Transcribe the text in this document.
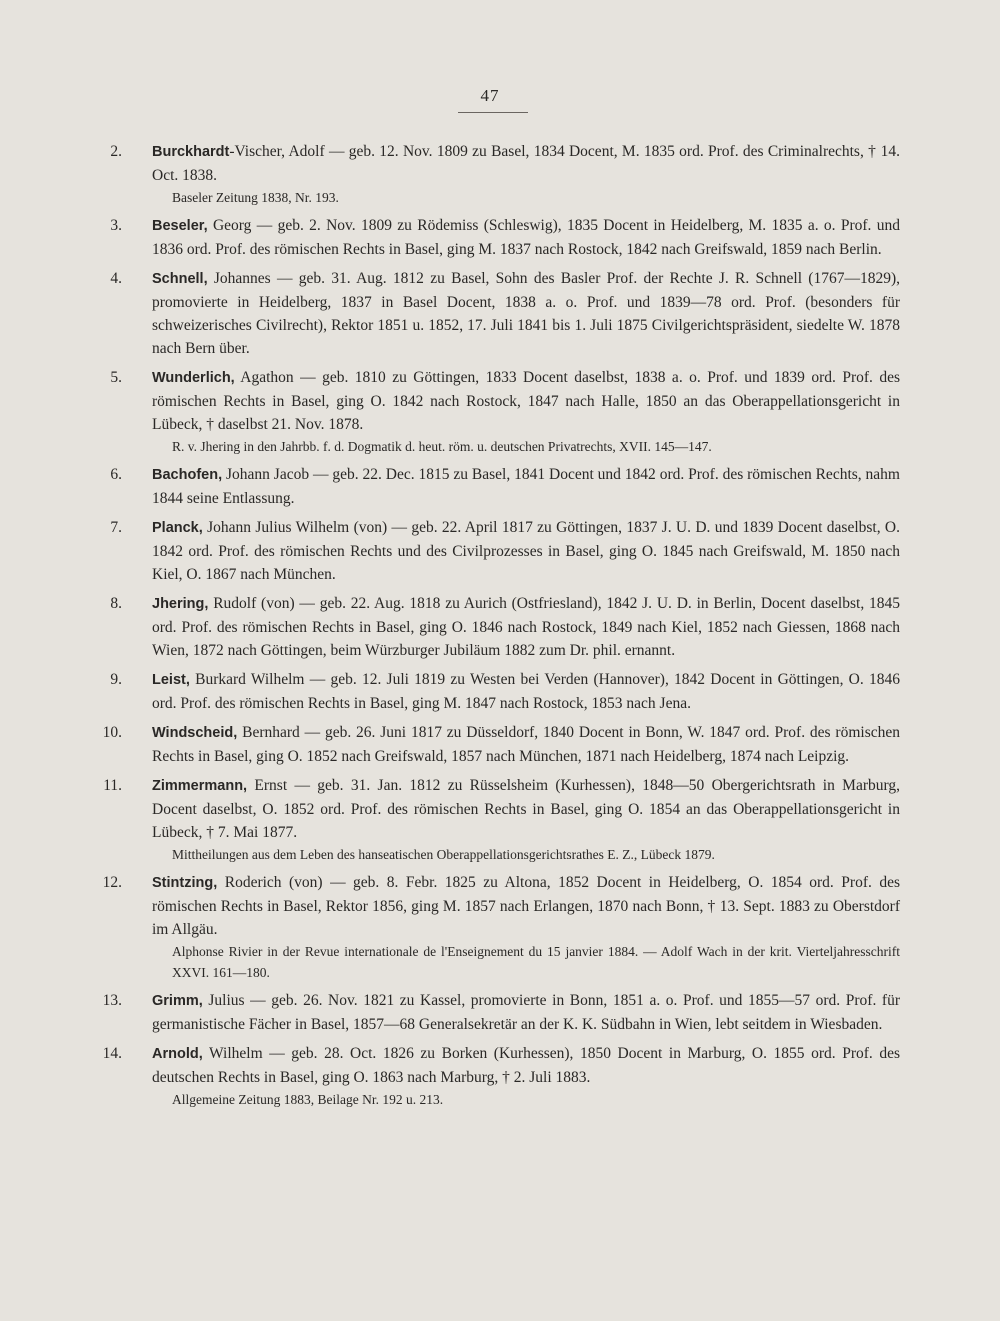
47
2. Burckhardt-Vischer, Adolf — geb. 12. Nov. 1809 zu Basel, 1834 Docent, M. 1835 ord. Prof. des Criminalrechts, † 14. Oct. 1838.
Baseler Zeitung 1838, Nr. 193.
3. Beseler, Georg — geb. 2. Nov. 1809 zu Rödemiss (Schleswig), 1835 Docent in Heidelberg, M. 1835 a. o. Prof. und 1836 ord. Prof. des römischen Rechts in Basel, ging M. 1837 nach Rostock, 1842 nach Greifswald, 1859 nach Berlin.
4. Schnell, Johannes — geb. 31. Aug. 1812 zu Basel, Sohn des Basler Prof. der Rechte J. R. Schnell (1767—1829), promovierte in Heidelberg, 1837 in Basel Docent, 1838 a. o. Prof. und 1839—78 ord. Prof. (besonders für schweizerisches Civilrecht), Rektor 1851 u. 1852, 17. Juli 1841 bis 1. Juli 1875 Civilgerichtspräsident, siedelte W. 1878 nach Bern über.
5. Wunderlich, Agathon — geb. 1810 zu Göttingen, 1833 Docent daselbst, 1838 a. o. Prof. und 1839 ord. Prof. des römischen Rechts in Basel, ging O. 1842 nach Rostock, 1847 nach Halle, 1850 an das Oberappellationsgericht in Lübeck, † daselbst 21. Nov. 1878.
R. v. Jhering in den Jahrbb. f. d. Dogmatik d. heut. röm. u. deutschen Privatrechts, XVII. 145—147.
6. Bachofen, Johann Jacob — geb. 22. Dec. 1815 zu Basel, 1841 Docent und 1842 ord. Prof. des römischen Rechts, nahm 1844 seine Entlassung.
7. Planck, Johann Julius Wilhelm (von) — geb. 22. April 1817 zu Göttingen, 1837 J. U. D. und 1839 Docent daselbst, O. 1842 ord. Prof. des römischen Rechts und des Civilprozesses in Basel, ging O. 1845 nach Greifswald, M. 1850 nach Kiel, O. 1867 nach München.
8. Jhering, Rudolf (von) — geb. 22. Aug. 1818 zu Aurich (Ostfriesland), 1842 J. U. D. in Berlin, Docent daselbst, 1845 ord. Prof. des römischen Rechts in Basel, ging O. 1846 nach Rostock, 1849 nach Kiel, 1852 nach Giessen, 1868 nach Wien, 1872 nach Göttingen, beim Würzburger Jubiläum 1882 zum Dr. phil. ernannt.
9. Leist, Burkard Wilhelm — geb. 12. Juli 1819 zu Westen bei Verden (Hannover), 1842 Docent in Göttingen, O. 1846 ord. Prof. des römischen Rechts in Basel, ging M. 1847 nach Rostock, 1853 nach Jena.
10. Windscheid, Bernhard — geb. 26. Juni 1817 zu Düsseldorf, 1840 Docent in Bonn, W. 1847 ord. Prof. des römischen Rechts in Basel, ging O. 1852 nach Greifswald, 1857 nach München, 1871 nach Heidelberg, 1874 nach Leipzig.
11. Zimmermann, Ernst — geb. 31. Jan. 1812 zu Rüsselsheim (Kurhessen), 1848—50 Obergerichtsrath in Marburg, Docent daselbst, O. 1852 ord. Prof. des römischen Rechts in Basel, ging O. 1854 an das Oberappellationsgericht in Lübeck, † 7. Mai 1877.
Mittheilungen aus dem Leben des hanseatischen Oberappellationsgerichtsrathes E. Z., Lübeck 1879.
12. Stintzing, Roderich (von) — geb. 8. Febr. 1825 zu Altona, 1852 Docent in Heidelberg, O. 1854 ord. Prof. des römischen Rechts in Basel, Rektor 1856, ging M. 1857 nach Erlangen, 1870 nach Bonn, † 13. Sept. 1883 zu Oberstdorf im Allgäu.
Alphonse Rivier in der Revue internationale de l'Enseignement du 15 janvier 1884. — Adolf Wach in der krit. Vierteljahresschrift XXVI. 161—180.
13. Grimm, Julius — geb. 26. Nov. 1821 zu Kassel, promovierte in Bonn, 1851 a. o. Prof. und 1855—57 ord. Prof. für germanistische Fächer in Basel, 1857—68 Generalsekretär an der K. K. Südbahn in Wien, lebt seitdem in Wiesbaden.
14. Arnold, Wilhelm — geb. 28. Oct. 1826 zu Borken (Kurhessen), 1850 Docent in Marburg, O. 1855 ord. Prof. des deutschen Rechts in Basel, ging O. 1863 nach Marburg, † 2. Juli 1883.
Allgemeine Zeitung 1883, Beilage Nr. 192 u. 213.
